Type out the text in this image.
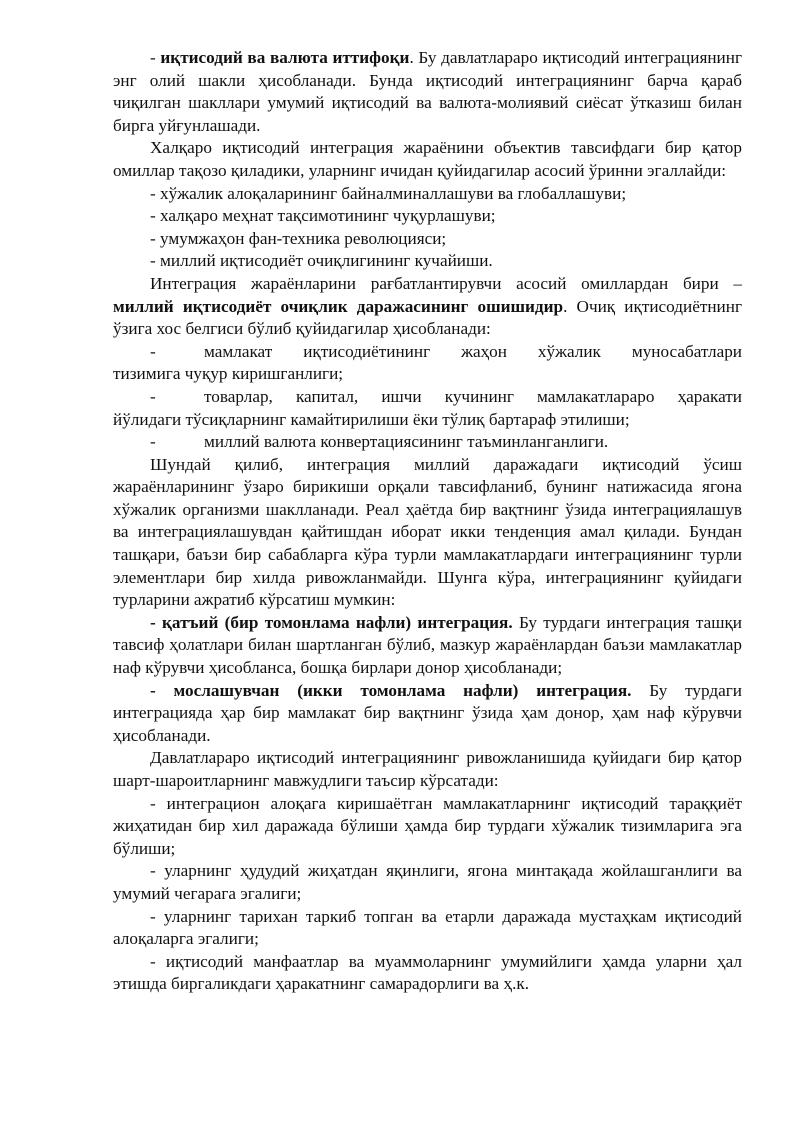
- иқтисодий ва валюта иттифоқи. Бу давлатлараро иқтисодий интеграциянинг энг олий шакли ҳисобланади. Бунда иқтисодий интеграциянинг барча қараб чиқилган шакллари умумий иқтисодий ва валюта-молиявий сиёсат ўтказиш билан бирга уйғунлашади.

Халқаро иқтисодий интеграция жараёнини объектив тавсифдаги бир қатор омиллар тақозо қиладики, уларнинг ичидан қуйидагилар асосий ўринни эгаллайди:

- хўжалик алоқаларининг байналминаллашуви ва глобаллашуви;

- халқаро меҳнат тақсимотининг чуқурлашуви;

- умумжаҳон фан-техника революцияси;

- миллий иқтисодиёт очиқлигининг кучайиши.

Интеграция жараёнларини рағбатлантирувчи асосий омиллардан бири – миллий иқтисодиёт очиқлик даражасининг ошишидир. Очиқ иқтисодиётнинг ўзига хос белгиси бўлиб қуйидагилар ҳисобланади:

-	мамлакат иқтисодиётининг жаҳон хўжалик муносабатлари

тизимига чуқур киришганлиги;

-	товарлар, капитал, ишчи кучининг мамлакатлараро ҳаракати

йўлидаги тўсиқларнинг камайтирилиши ёки тўлиқ бартараф этилиши;

-	миллий валюта конвертациясининг таъминланганлиги.

Шундай қилиб, интеграция миллий даражадаги иқтисодий ўсиш жараёнларининг ўзаро бирикиши орқали тавсифланиб, бунинг натижасида ягона хўжалик организми шаклланади. Реал ҳаётда бир вақтнинг ўзида интеграциялашув ва интеграциялашувдан қайтишдан иборат икки тенденция амал қилади. Бундан ташқари, баъзи бир сабабларга кўра турли мамлакатлардаги интеграциянинг турли элементлари бир хилда ривожланмайди. Шунга кўра, интеграциянинг қуйидаги турларини ажратиб кўрсатиш мумкин:

- қатъий (бир томонлама нафли) интеграция. Бу турдаги интеграция ташқи тавсиф ҳолатлари билан шартланган бўлиб, мазкур жараёнлардан баъзи мамлакатлар наф кўрувчи ҳисобланса, бошқа бирлари донор ҳисобланади;

- мослашувчан (икки томонлама нафли) интеграция. Бу турдаги интеграцияда ҳар бир мамлакат бир вақтнинг ўзида ҳам донор, ҳам наф кўрувчи ҳисобланади.

Давлатлараро иқтисодий интеграциянинг ривожланишида қуйидаги бир қатор шарт-шароитларнинг мавжудлиги таъсир кўрсатади:

- интеграцион алоқага киришаётган мамлакатларнинг иқтисодий тараққиёт жиҳатидан бир хил даражада бўлиши ҳамда бир турдаги хўжалик тизимларига эга бўлиши;

- уларнинг ҳудудий жиҳатдан яқинлиги, ягона минтақада жойлашганлиги ва умумий чегарага эгалиги;

- уларнинг тарихан таркиб топган ва етарли даражада мустаҳкам иқтисодий алоқаларга эгалиги;

- иқтисодий манфаатлар ва муаммоларнинг умумийлиги ҳамда уларни ҳал этишда биргаликдаги ҳаракатнинг самарадорлиги ва ҳ.к.
